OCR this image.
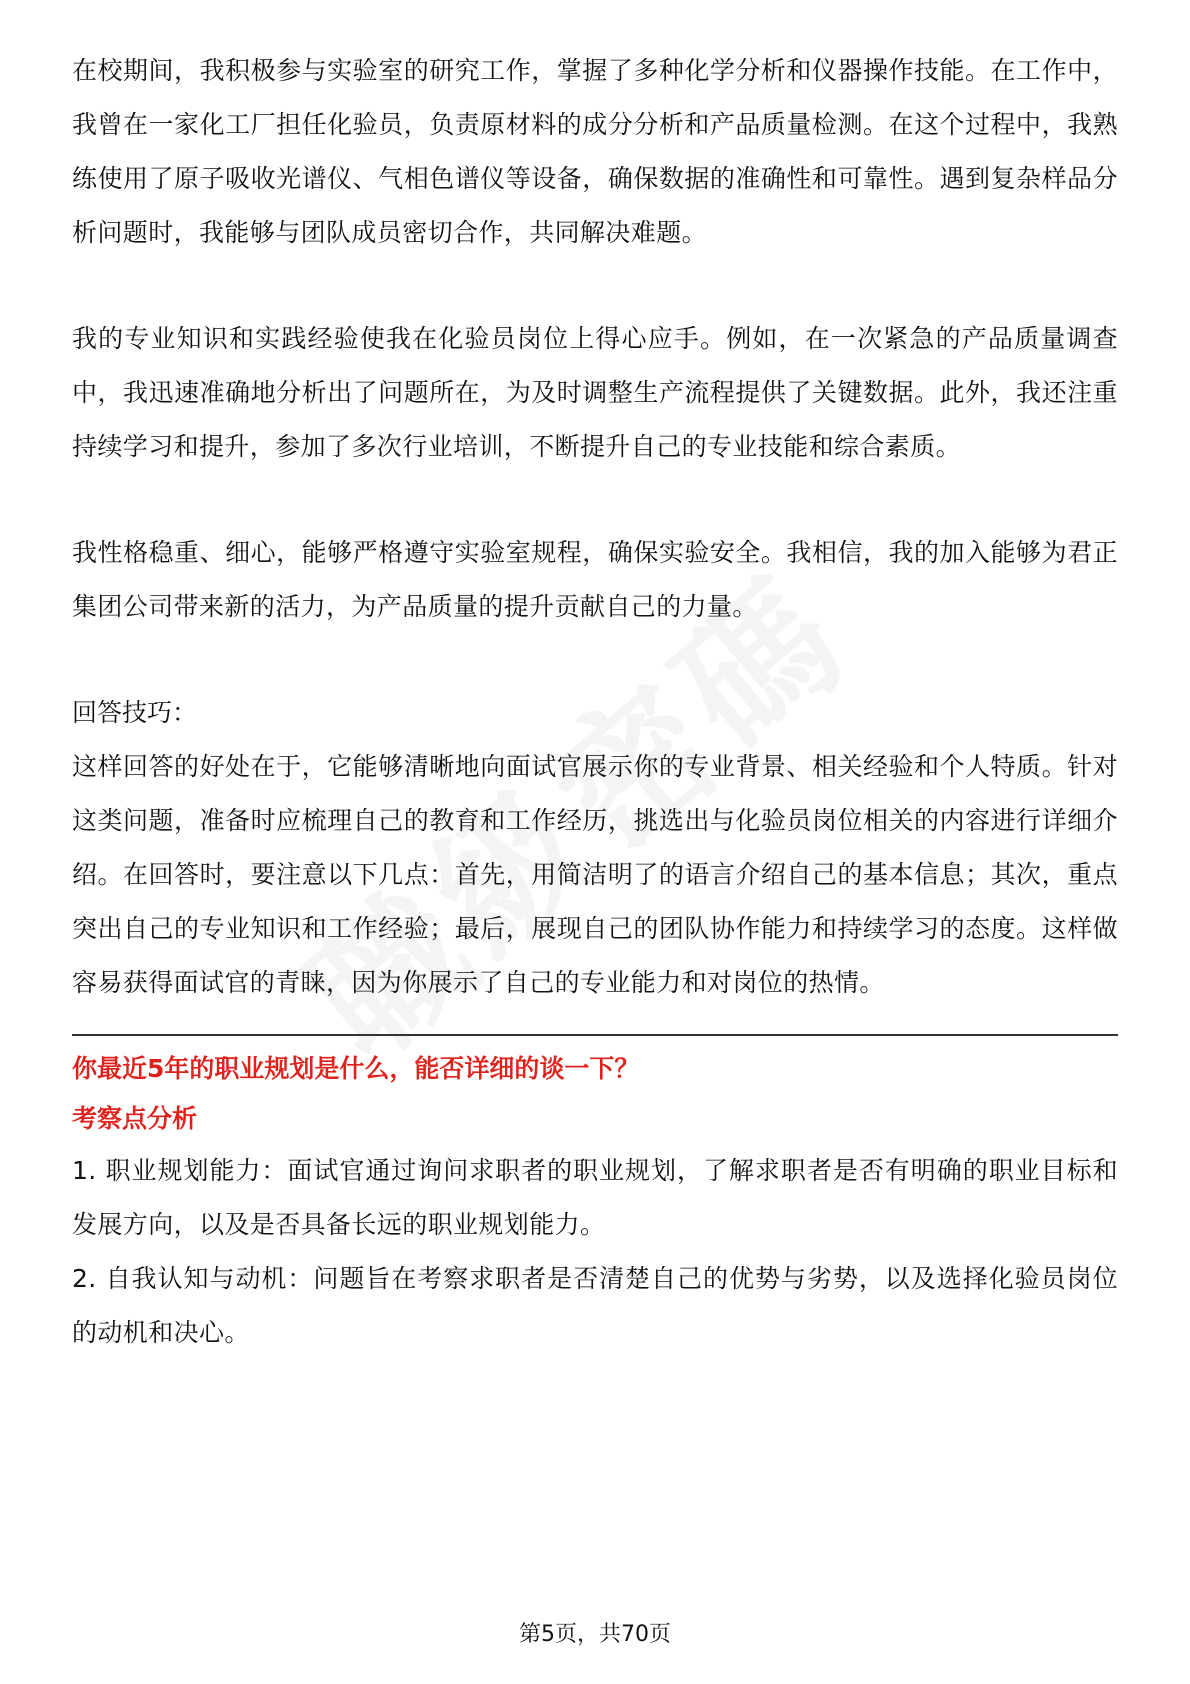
在校期间，我积极参与实验室的研究工作，掌握了多种化学分析和仪器操作技能。在工作中，我曾在一家化工厂担任化验员，负责原材料的成分分析和产品质量检测。在这个过程中，我熟练使用了原子吸收光谱仪、气相色谱仪等设备，确保数据的准确性和可靠性。遇到复杂样品分析问题时，我能够与团队成员密切合作，共同解决难题。

我的专业知识和实践经验使我在化验员岗位上得心应手。例如，在一次紧急的产品质量调查中，我迅速准确地分析出了问题所在，为及时调整生产流程提供了关键数据。此外，我还注重持续学习和提升，参加了多次行业培训，不断提升自己的专业技能和综合素质。

我性格稳重、细心，能够严格遵守实验室规程，确保实验安全。我相信，我的加入能够为君正集团公司带来新的活力，为产品质量的提升贡献自己的力量。

回答技巧：

这样回答的好处在于，它能够清晰地向面试官展示你的专业背景、相关经验和个人特质。针对这类问题，准备时应梳理自己的教育和工作经历，挑选出与化验员岗位相关的内容进行详细介绍。在回答时，要注意以下几点：首先，用简洁明了的语言介绍自己的基本信息；其次，重点突出自己的专业知识和工作经验；最后，展现自己的团队协作能力和持续学习的态度。这样做容易获得面试官的青睐，因为你展示了自己的专业能力和对岗位的热情。

你最近5年的职业规划是什么，能否详细的谈一下？

考察点分析

1. 职业规划能力：面试官通过询问求职者的职业规划，了解求职者是否有明确的职业目标和发展方向，以及是否具备长远的职业规划能力。

2. 自我认知与动机：问题旨在考察求职者是否清楚自己的优势与劣势，以及选择化验员岗位的动机和决心。

第5页，共70页
